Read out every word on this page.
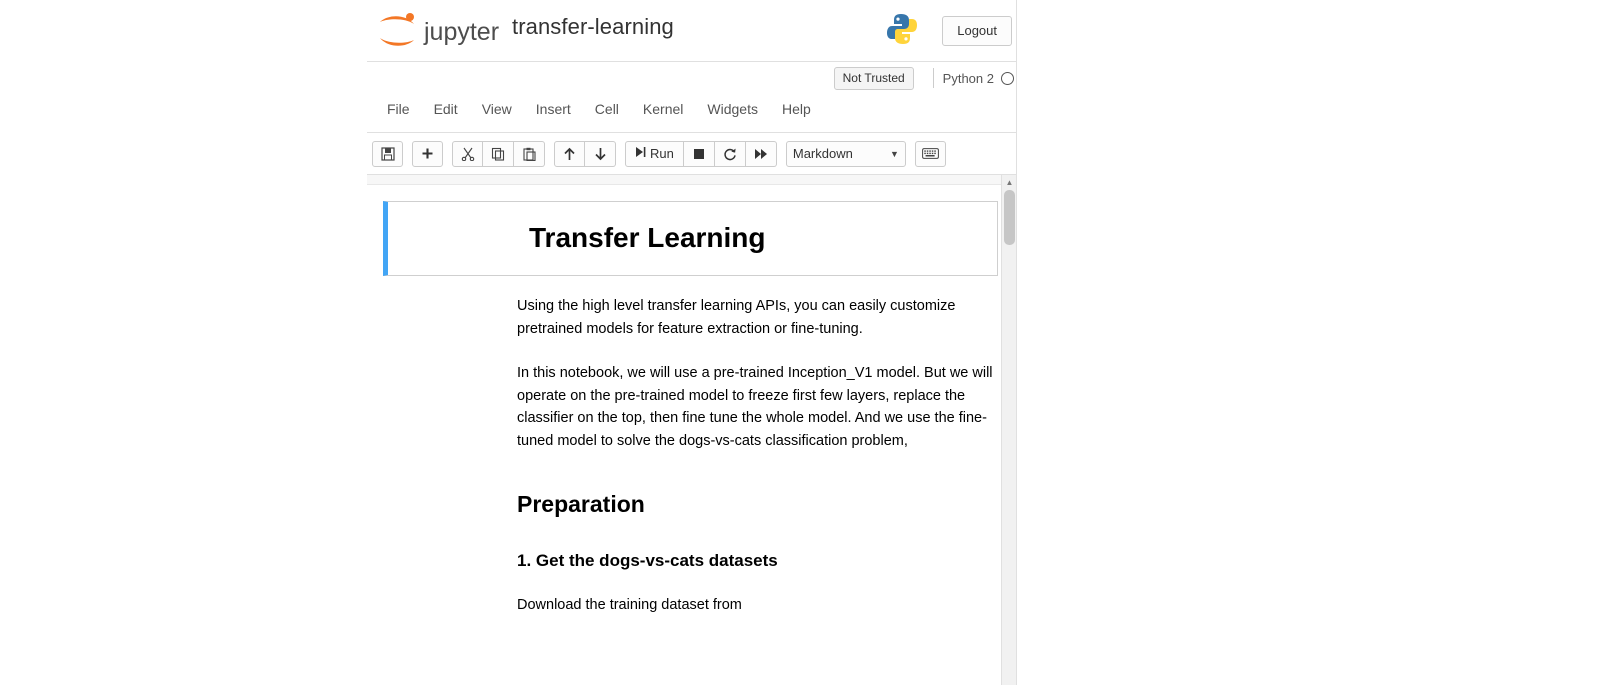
jupyter transfer-learning	Logout
Not Trusted	Python 2
File	Edit	View	Insert	Cell	Kernel	Widgets	Help
Run	Markdown	▼
Transfer Learning

Using the high level transfer learning APIs, you can easily customize pretrained models for feature extraction or fine-tuning.

In this notebook, we will use a pre-trained Inception_V1 model. But we will operate on the pre-trained model to freeze first few layers, replace the classifier on the top, then fine tune the whole model. And we use the fine-tuned model to solve the dogs-vs-cats classification problem,

Preparation
1. Get the dogs-vs-cats datasets

Download the training dataset from

▲
